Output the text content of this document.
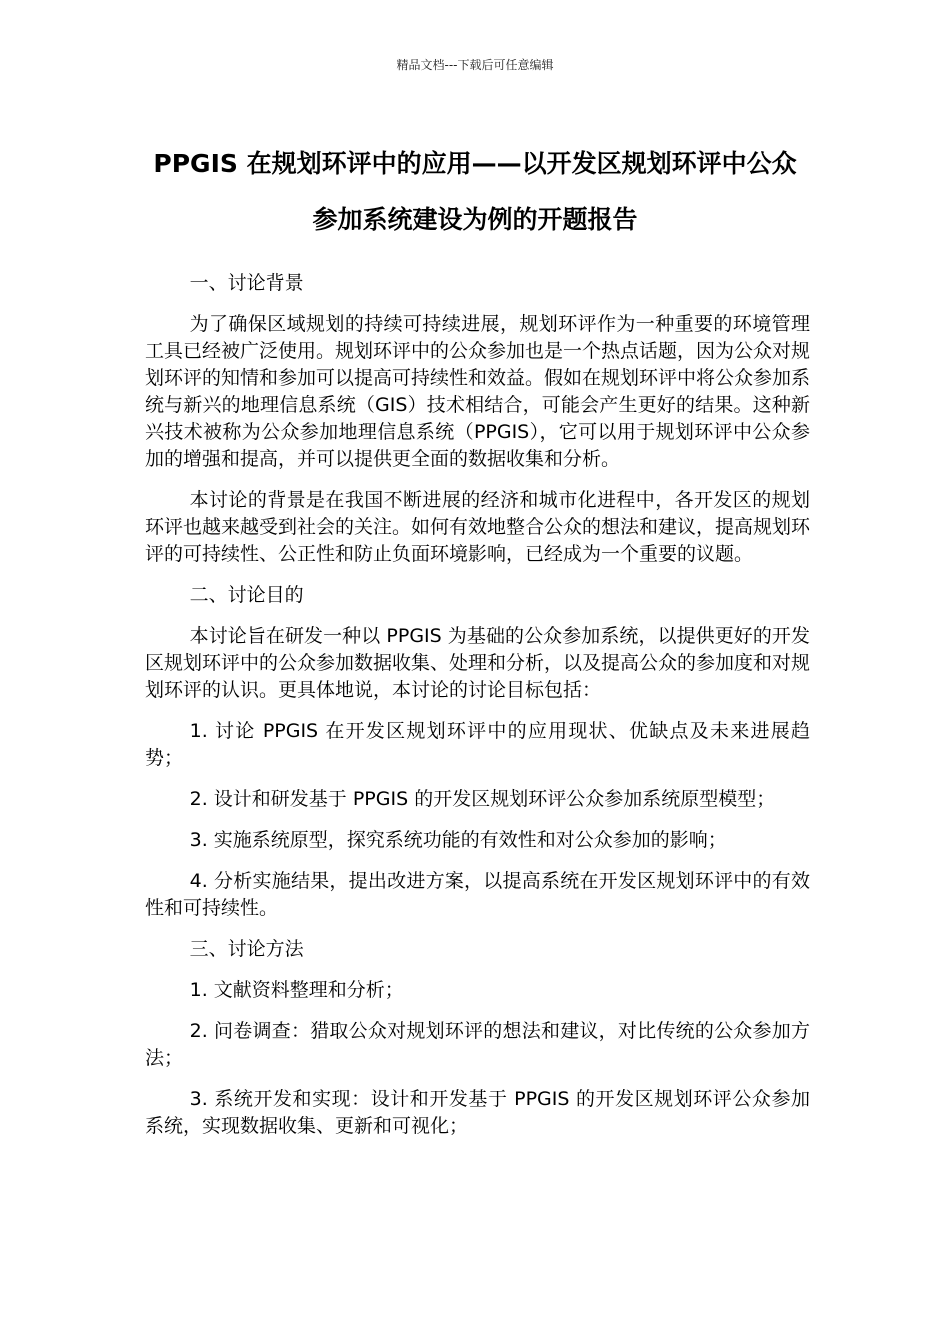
精品文档---下载后可任意编辑
PPGIS 在规划环评中的应用——以开发区规划环评中公众参加系统建设为例的开题报告

一、讨论背景

为了确保区域规划的持续可持续进展，规划环评作为一种重要的环境管理工具已经被广泛使用。规划环评中的公众参加也是一个热点话题，因为公众对规划环评的知情和参加可以提高可持续性和效益。假如在规划环评中将公众参加系统与新兴的地理信息系统（GIS）技术相结合，可能会产生更好的结果。这种新兴技术被称为公众参加地理信息系统（PPGIS），它可以用于规划环评中公众参加的增强和提高，并可以提供更全面的数据收集和分析。

本讨论的背景是在我国不断进展的经济和城市化进程中，各开发区的规划环评也越来越受到社会的关注。如何有效地整合公众的想法和建议，提高规划环评的可持续性、公正性和防止负面环境影响，已经成为一个重要的议题。

二、讨论目的

本讨论旨在研发一种以 PPGIS 为基础的公众参加系统，以提供更好的开发区规划环评中的公众参加数据收集、处理和分析，以及提高公众的参加度和对规划环评的认识。更具体地说，本讨论的讨论目标包括：

1. 讨论 PPGIS 在开发区规划环评中的应用现状、优缺点及未来进展趋势；

2. 设计和研发基于 PPGIS 的开发区规划环评公众参加系统原型模型；

3. 实施系统原型，探究系统功能的有效性和对公众参加的影响；

4. 分析实施结果，提出改进方案，以提高系统在开发区规划环评中的有效性和可持续性。

三、讨论方法

1. 文献资料整理和分析；

2. 问卷调查：猎取公众对规划环评的想法和建议，对比传统的公众参加方法；

3. 系统开发和实现：设计和开发基于 PPGIS 的开发区规划环评公众参加系统，实现数据收集、更新和可视化；
